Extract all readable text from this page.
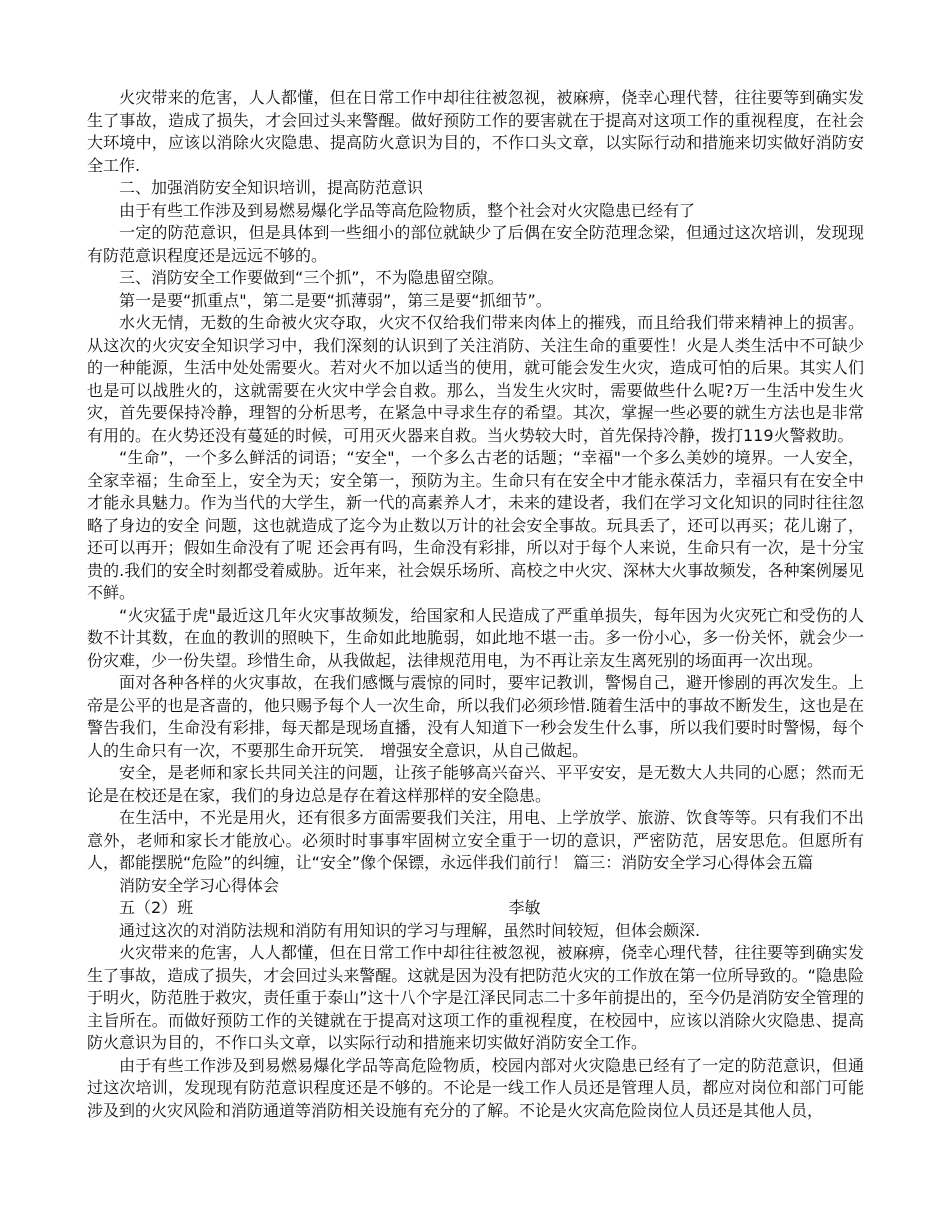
火灾带来的危害，人人都懂，但在日常工作中却往往被忽视，被麻痹，侥幸心理代替，往往要等到确实发生了事故，造成了损失，才会回过头来警醒。做好预防工作的要害就在于提高对这项工作的重视程度，在社会大环境中，应该以消除火灾隐患、提高防火意识为目的，不作口头文章，以实际行动和措施来切实做好消防安全工作.

二、加强消防安全知识培训，提高防范意识

由于有些工作涉及到易燃易爆化学品等高危险物质，整个社会对火灾隐患已经有了

一定的防范意识，但是具体到一些细小的部位就缺少了后偶在安全防范理念梁，但通过这次培训，发现现有防范意识程度还是远远不够的。

三、消防安全工作要做到“三个抓”，不为隐患留空隙。

第一是要“抓重点"，第二是要“抓薄弱”，第三是要“抓细节”。

水火无情，无数的生命被火灾夺取，火灾不仅给我们带来肉体上的摧残，而且给我们带来精神上的损害。从这次的火灾安全知识学习中，我们深刻的认识到了关注消防、关注生命的重要性！火是人类生活中不可缺少的一种能源，生活中处处需要火。若对火不加以适当的使用，就可能会发生火灾，造成可怕的后果。其实人们也是可以战胜火的，这就需要在火灾中学会自救。那么，当发生火灾时，需要做些什么呢?万一生活中发生火灾，首先要保持冷静，理智的分析思考，在紧急中寻求生存的希望。其次，掌握一些必要的就生方法也是非常有用的。在火势还没有蔓延的时候，可用灭火器来自救。当火势较大时，首先保持冷静，拨打119火警救助。

“生命”，一个多么鲜活的词语；“安全"，一个多么古老的话题；“幸福"一个多么美妙的境界。一人安全，全家幸福；生命至上，安全为天；安全第一，预防为主。生命只有在安全中才能永葆活力，幸福只有在安全中才能永具魅力。作为当代的大学生，新一代的高素养人才，未来的建设者，我们在学习文化知识的同时往往忽略了身边的安全 问题，这也就造成了迄今为止数以万计的社会安全事故。玩具丢了，还可以再买；花儿谢了，还可以再开；假如生命没有了呢 还会再有吗，生命没有彩排，所以对于每个人来说，生命只有一次，是十分宝贵的.我们的安全时刻都受着威胁。近年来，社会娱乐场所、高校之中火灾、深林大火事故频发，各种案例屡见不鲜。

“火灾猛于虎"最近这几年火灾事故频发，给国家和人民造成了严重单损失，每年因为火灾死亡和受伤的人数不计其数，在血的教训的照映下，生命如此地脆弱，如此地不堪一击。多一份小心，多一份关怀，就会少一份灾难，少一份失望。珍惜生命，从我做起，法律规范用电，为不再让亲友生离死别的场面再一次出现。

面对各种各样的火灾事故，在我们感慨与震惊的同时，要牢记教训，警惕自己，避开惨剧的再次发生。上帝是公平的也是吝啬的，他只赐予每个人一次生命，所以我们必须珍惜.随着生活中的事故不断发生，这也是在警告我们，生命没有彩排，每天都是现场直播，没有人知道下一秒会发生什么事，所以我们要时时警惕，每个人的生命只有一次，不要那生命开玩笑． 增强安全意识，从自己做起。

安全，是老师和家长共同关注的问题，让孩子能够高兴奋兴、平平安安，是无数大人共同的心愿；然而无论是在校还是在家，我们的身边总是存在着这样那样的安全隐患。

在生活中，不光是用火，还有很多方面需要我们关注，用电、上学放学、旅游、饮食等等。只有我们不出意外，老师和家长才能放心。必须时时事事牢固树立安全重于一切的意识，严密防范，居安思危。但愿所有人，都能摆脱“危险”的纠缠，让“安全”像个保镖，永远伴我们前行！ 篇三：消防安全学习心得体会五篇

消防安全学习心得体会

五（2）班                                                              李敏

通过这次的对消防法规和消防有用知识的学习与理解，虽然时间较短，但体会颇深.

火灾带来的危害，人人都懂，但在日常工作中却往往被忽视，被麻痹，侥幸心理代替，往往要等到确实发生了事故，造成了损失，才会回过头来警醒。这就是因为没有把防范火灾的工作放在第一位所导致的。“隐患险于明火，防范胜于救灾，责任重于泰山”这十八个字是江泽民同志二十多年前提出的，至今仍是消防安全管理的主旨所在。而做好预防工作的关键就在于提高对这项工作的重视程度，在校园中，应该以消除火灾隐患、提高防火意识为目的，不作口头文章，以实际行动和措施来切实做好消防安全工作。

由于有些工作涉及到易燃易爆化学品等高危险物质，校园内部对火灾隐患已经有了一定的防范意识，但通过这次培训，发现现有防范意识程度还是不够的。不论是一线工作人员还是管理人员，都应对岗位和部门可能涉及到的火灾风险和消防通道等消防相关设施有充分的了解。不论是火灾高危险岗位人员还是其他人员，
